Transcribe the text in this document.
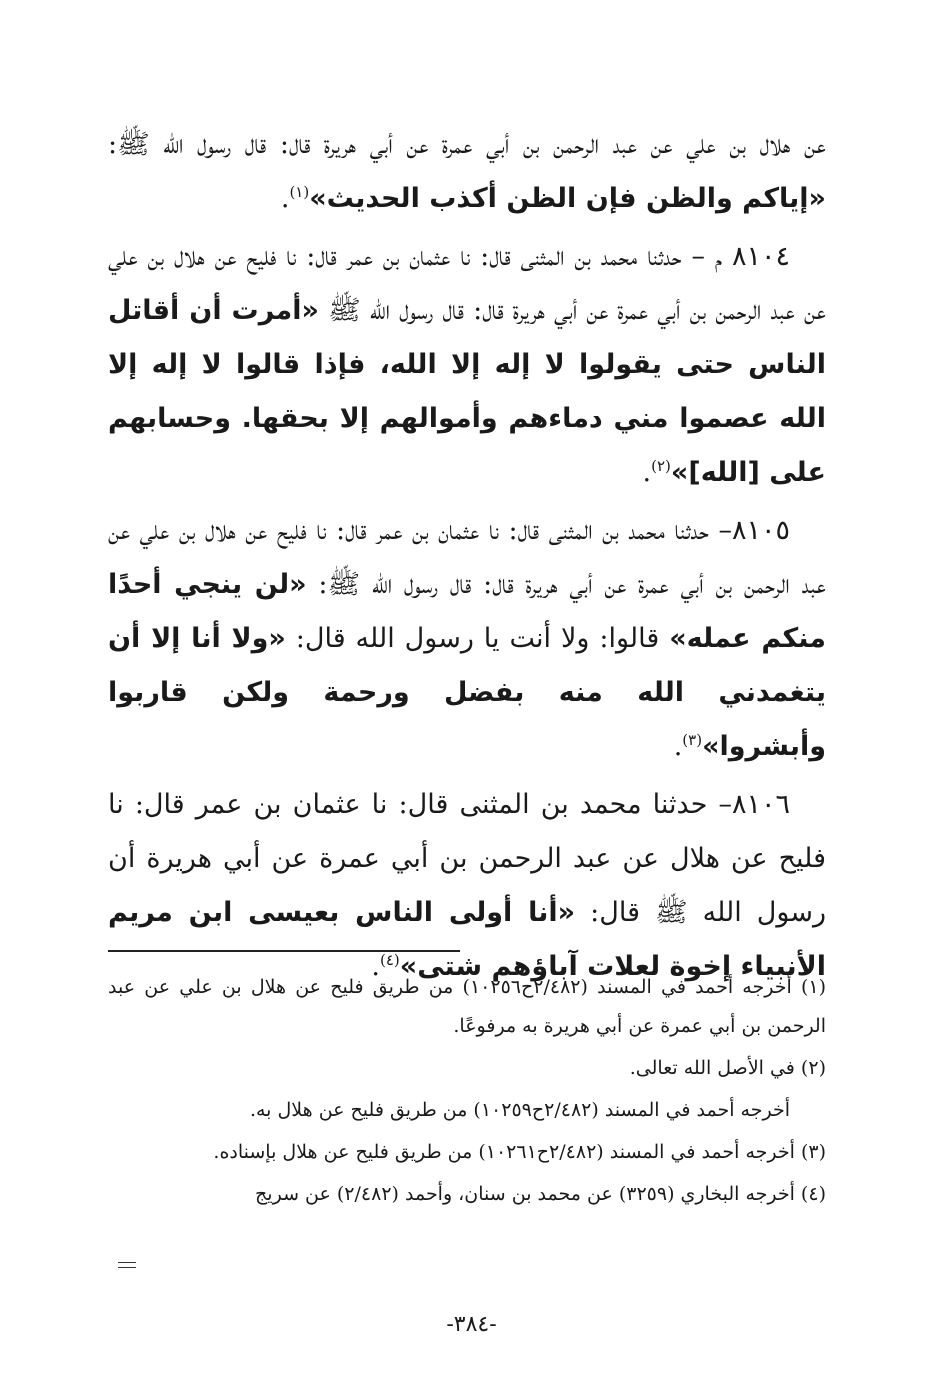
عن هلال بن علي عن عبد الرحمن بن أبي عمرة عن أبي هريرة قال: قال رسول الله ﷺ: «إياكم والظن فإن الظن أكذب الحديث»$^{(١)}$.

٨١٠٤ م – حدثنا محمد بن المثنى قال: نا عثمان بن عمر قال: نا فليح عن هلال بن علي عن عبد الرحمن بن أبي عمرة عن أبي هريرة قال: قال رسول الله ﷺ «أمرت أن أقاتل الناس حتى يقولوا لا إله إلا الله، فإذا قالوا لا إله إلا الله عصموا مني دماءهم وأموالهم إلا بحقها. وحسابهم على [الله]»$^{(٢)}$.

٨١٠٥– حدثنا محمد بن المثنى قال: نا عثمان بن عمر قال: نا فليح عن هلال بن علي عن عبد الرحمن بن أبي عمرة عن أبي هريرة قال: قال رسول الله ﷺ: «لن ينجي أحدًا منكم عمله» قالوا: ولا أنت يا رسول الله قال: «ولا أنا إلا أن يتغمدني الله منه بفضل ورحمة ولكن قاربوا وأبشروا»$^{(٣)}$.

٨١٠٦– حدثنا محمد بن المثنى قال: نا عثمان بن عمر قال: نا فليح عن هلال عن عبد الرحمن بن أبي عمرة عن أبي هريرة أن رسول الله ﷺ قال: «أنا أولى الناس بعيسى ابن مريم الأنبياء إخوة لعلات آباؤهم شتى»$^{(٤)}$.

(١) أخرجه أحمد في المسند (٢/٤٨٢ح١٠٢٥٦) من طريق فليح عن هلال بن علي عن عبد الرحمن بن أبي عمرة عن أبي هريرة به مرفوعًا.

(٢) في الأصل الله تعالى.

أخرجه أحمد في المسند (٢/٤٨٢ح١٠٢٥٩) من طريق فليح عن هلال به.

(٣) أخرجه أحمد في المسند (٢/٤٨٢ح١٠٢٦١) من طريق فليح عن هلال بإسناده.

(٤) أخرجه البخاري (٣٢٥٩) عن محمد بن سنان، وأحمد (٢/٤٨٢) عن سريج

-٣٨٤-
